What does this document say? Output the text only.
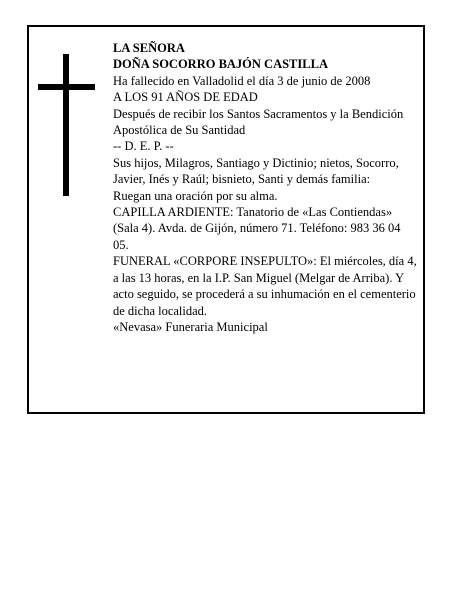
LA SEÑORA

DOÑA SOCORRO BAJÓN CASTILLA

Ha fallecido en Valladolid el día 3 de junio de 2008

A LOS 91 AÑOS DE EDAD

Después de recibir los Santos Sacramentos y la Bendición Apostólica de Su Santidad

-- D. E. P. --

Sus hijos, Milagros, Santiago y Dictinio; nietos, Socorro, Javier, Inés y Raúl; bisnieto, Santi y demás familia:

Ruegan una oración por su alma.

CAPILLA ARDIENTE: Tanatorio de «Las Contiendas» (Sala 4). Avda. de Gijón, número 71. Teléfono: 983 36 04 05.

FUNERAL «CORPORE INSEPULTO»: El miércoles, día 4, a las 13 horas, en la I.P. San Miguel (Melgar de Arriba). Y acto seguido, se procederá a su inhumación en el cementerio de dicha localidad.

«Nevasa» Funeraria Municipal
